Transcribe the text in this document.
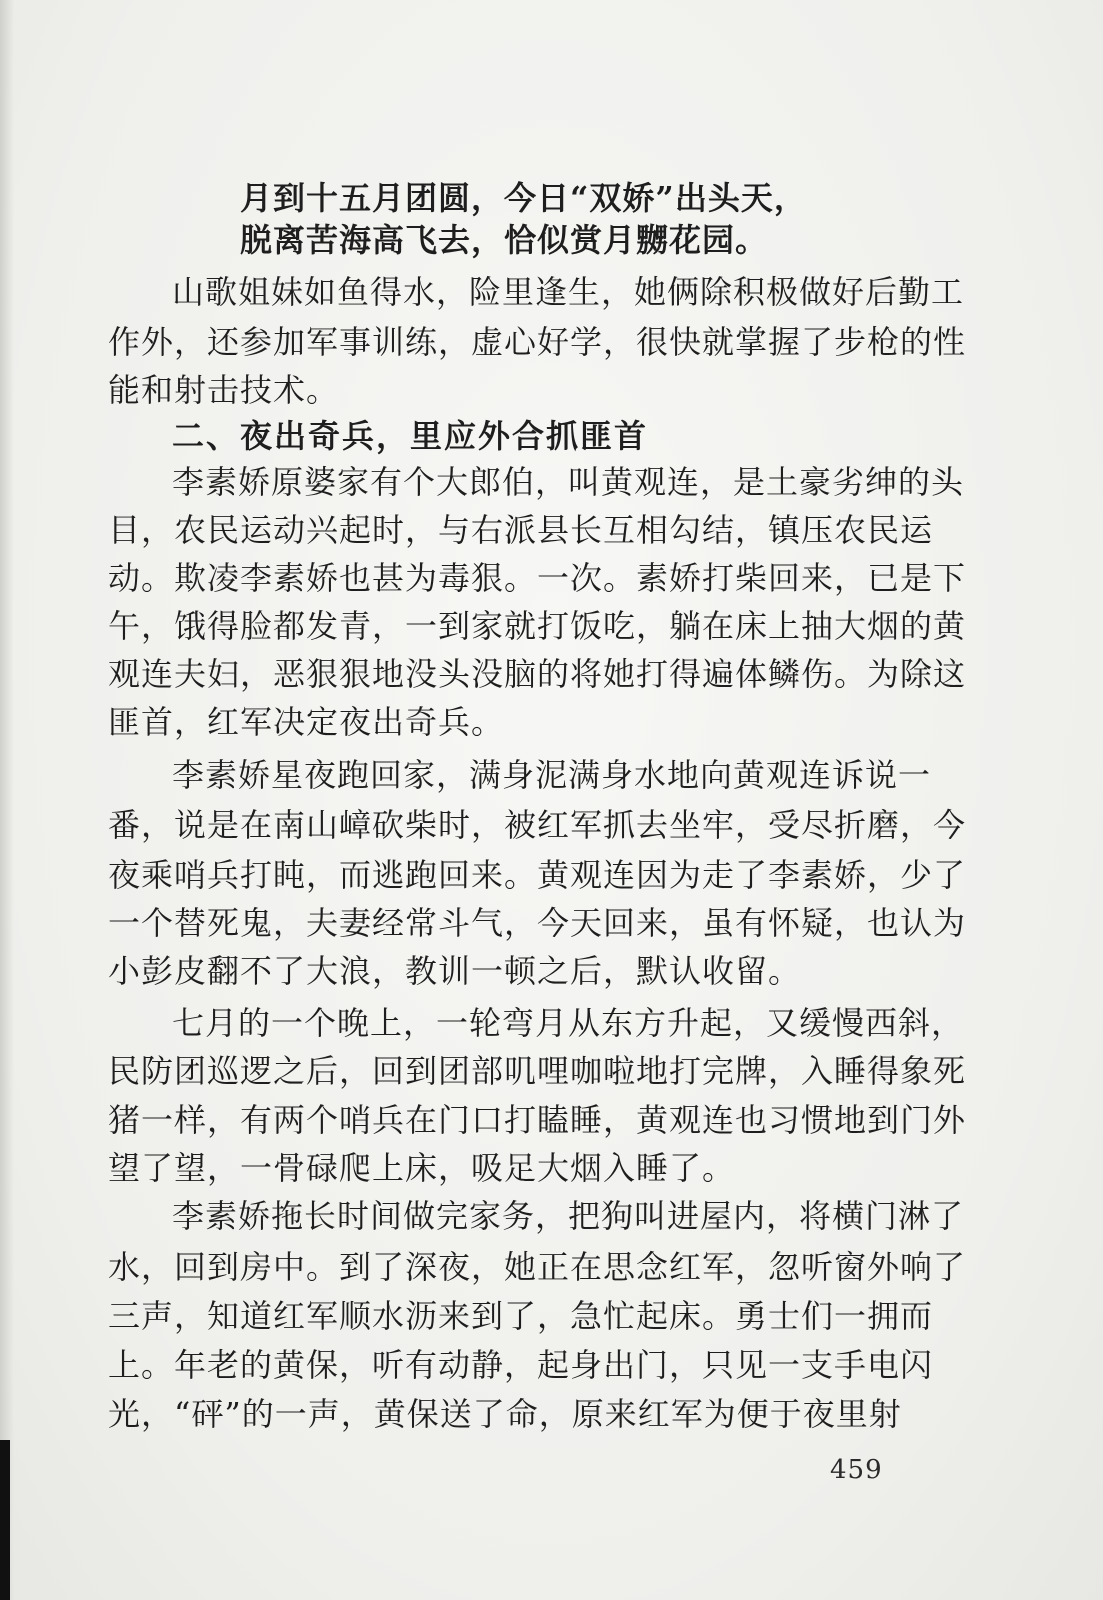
月到十五月团圆，今日“双娇”出头天，
脱离苦海高飞去，恰似赏月嬲花园。
山歌姐妹如鱼得水，险里逢生，她俩除积极做好后勤工
作外，还参加军事训练，虚心好学，很快就掌握了步枪的性
能和射击技术。
二、夜出奇兵，里应外合抓匪首
李素娇原婆家有个大郎伯，叫黄观连，是土豪劣绅的头
目，农民运动兴起时，与右派县长互相勾结，镇压农民运
动。欺凌李素娇也甚为毒狠。一次。素娇打柴回来，已是下
午，饿得脸都发青，一到家就打饭吃，躺在床上抽大烟的黄
观连夫妇，恶狠狠地没头没脑的将她打得遍体鳞伤。为除这
匪首，红军决定夜出奇兵。
李素娇星夜跑回家，满身泥满身水地向黄观连诉说一
番，说是在南山嶂砍柴时，被红军抓去坐牢，受尽折磨，今
夜乘哨兵打盹，而逃跑回来。黄观连因为走了李素娇，少了
一个替死鬼，夫妻经常斗气，今天回来，虽有怀疑，也认为
小彭皮翻不了大浪，教训一顿之后，默认收留。
七月的一个晚上，一轮弯月从东方升起，又缓慢西斜，
民防团巡逻之后，回到团部叽哩咖啦地打完牌，入睡得象死
猪一样，有两个哨兵在门口打瞌睡，黄观连也习惯地到门外
望了望，一骨碌爬上床，吸足大烟入睡了。
李素娇拖长时间做完家务，把狗叫进屋内，将横门淋了
水，回到房中。到了深夜，她正在思念红军，忽听窗外响了
三声，知道红军顺水沥来到了，急忙起床。勇士们一拥而
上。年老的黄保，听有动静，起身出门，只见一支手电闪
光，“砰”的一声，黄保送了命，原来红军为便于夜里射
459
